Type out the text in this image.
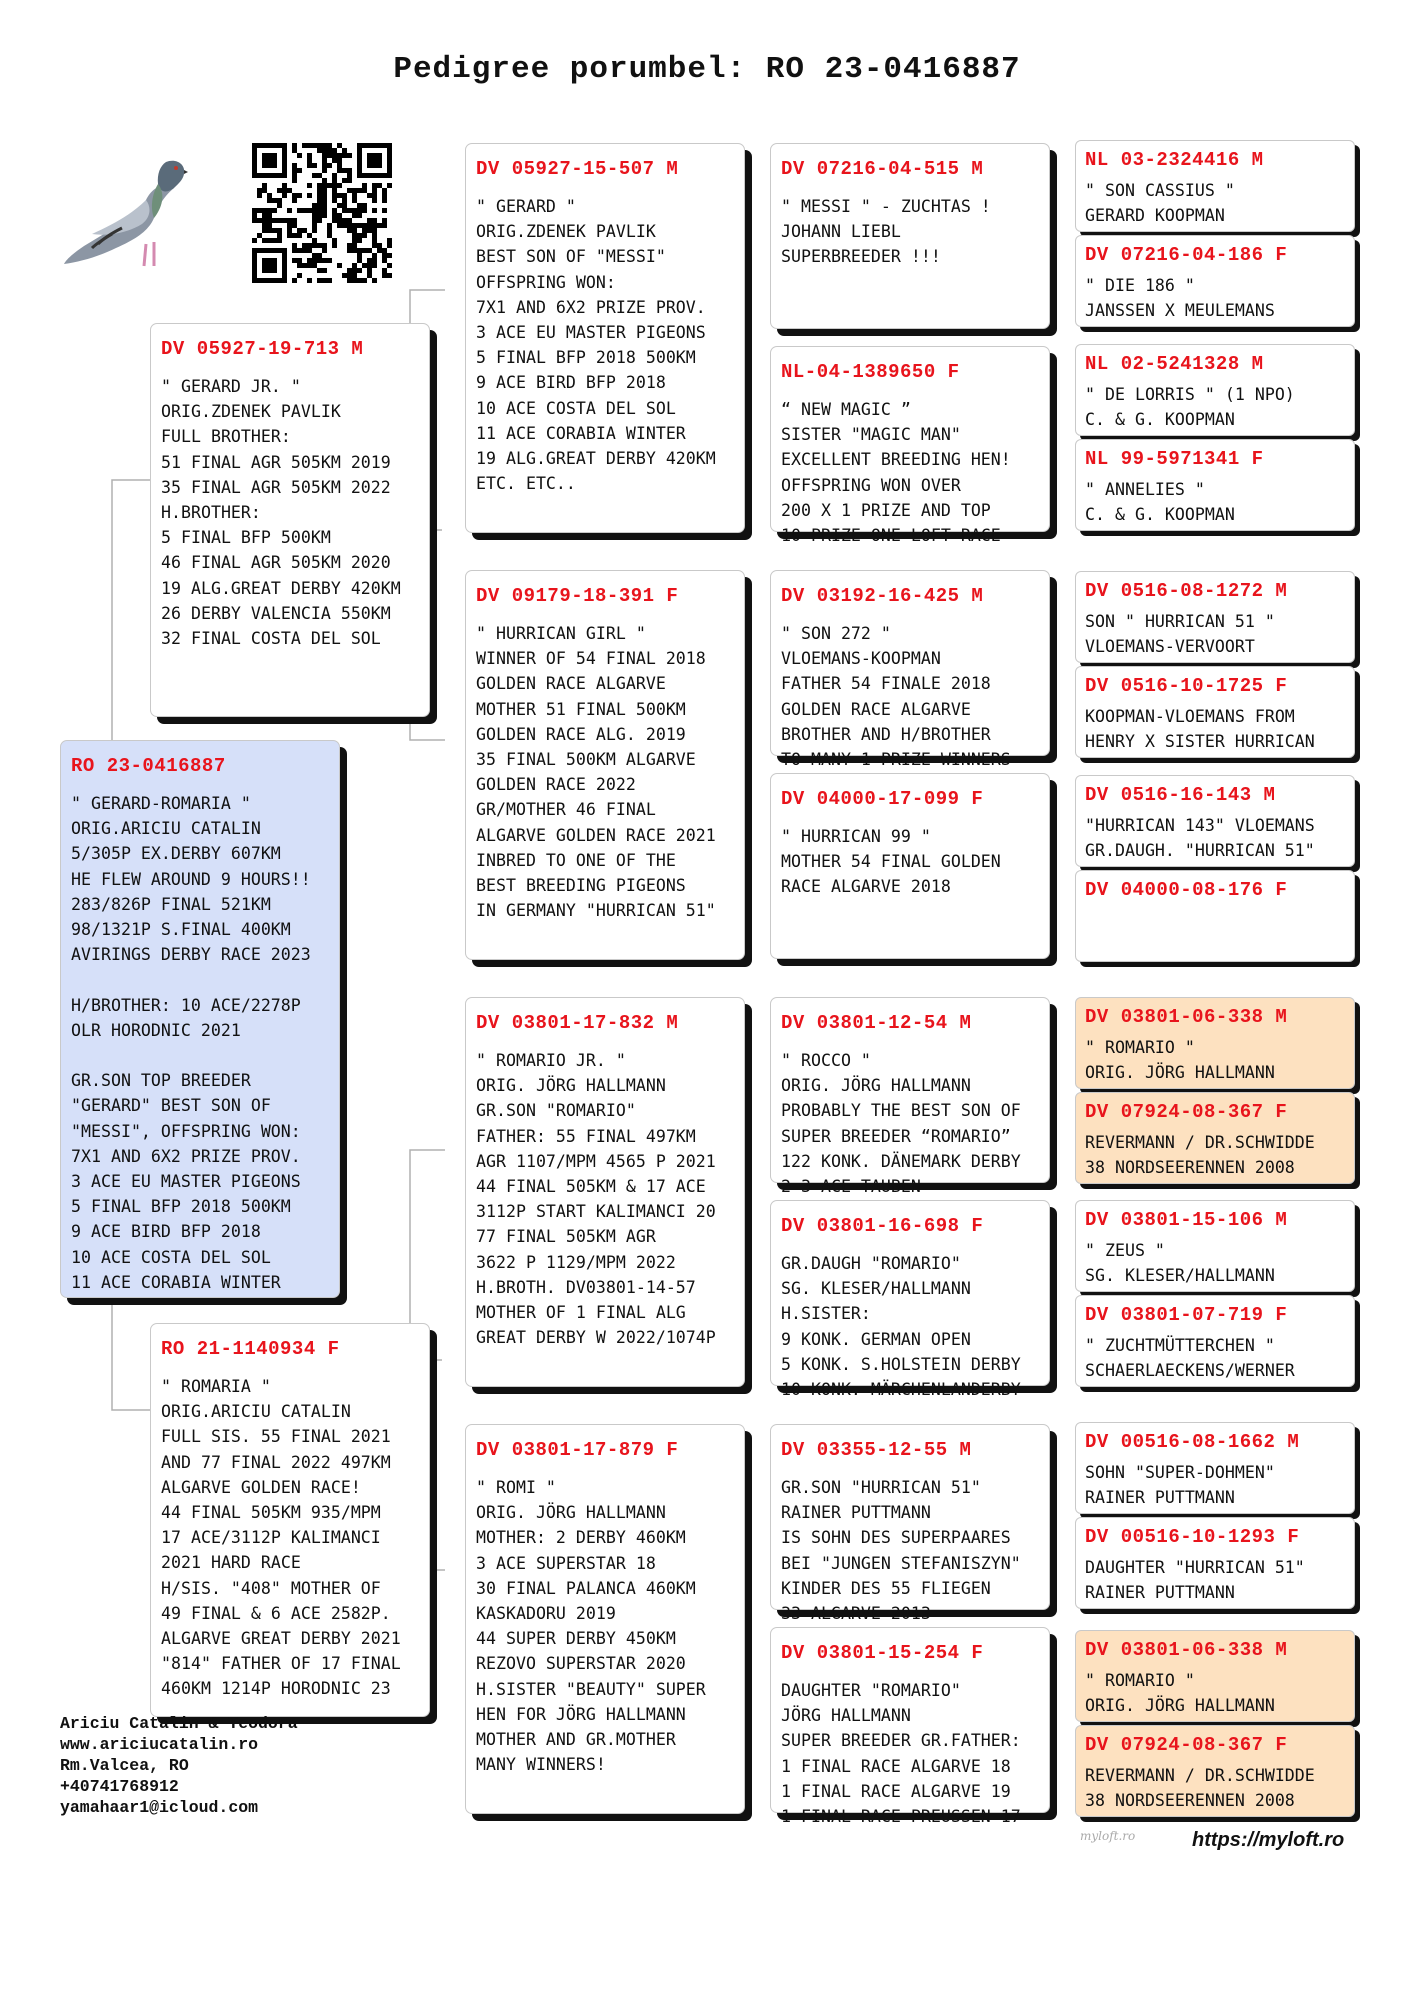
Pedigree porumbel: RO 23-0416887
RO 23-0416887
" GERARD-ROMARIA "
ORIG.ARICIU CATALIN
5/305P EX.DERBY 607KM
HE FLEW AROUND 9 HOURS!!
283/826P FINAL 521KM
98/1321P S.FINAL 400KM
AVIRINGS DERBY RACE 2023

H/BROTHER: 10 ACE/2278P
OLR HORODNIC 2021

GR.SON TOP BREEDER
"GERARD" BEST SON OF
"MESSI", OFFSPRING WON:
7X1 AND 6X2 PRIZE PROV.
3 ACE EU MASTER PIGEONS
5 FINAL BFP 2018 500KM
9 ACE BIRD BFP 2018
10 ACE COSTA DEL SOL
11 ACE CORABIA WINTER
DV 05927-19-713 M
" GERARD JR. "
ORIG.ZDENEK PAVLIK
FULL BROTHER:
51 FINAL AGR 505KM 2019
35 FINAL AGR 505KM 2022
H.BROTHER:
5 FINAL BFP 500KM
46 FINAL AGR 505KM 2020
19 ALG.GREAT DERBY 420KM
26 DERBY VALENCIA 550KM
32 FINAL COSTA DEL SOL
RO 21-1140934 F
" ROMARIA "
ORIG.ARICIU CATALIN
FULL SIS. 55 FINAL 2021
AND 77 FINAL 2022 497KM
ALGARVE GOLDEN RACE!
44 FINAL 505KM 935/MPM
17 ACE/3112P KALIMANCI
2021 HARD RACE
H/SIS. "408" MOTHER OF
49 FINAL & 6 ACE 2582P.
ALGARVE GREAT DERBY 2021
"814" FATHER OF 17 FINAL
460KM 1214P HORODNIC 23
DV 05927-15-507 M
" GERARD "
ORIG.ZDENEK PAVLIK
BEST SON OF "MESSI"
OFFSPRING WON:
7X1 AND 6X2 PRIZE PROV.
3 ACE EU MASTER PIGEONS
5 FINAL BFP 2018 500KM
9 ACE BIRD BFP 2018
10 ACE COSTA DEL SOL
11 ACE CORABIA WINTER
19 ALG.GREAT DERBY 420KM
ETC. ETC..
DV 09179-18-391 F
" HURRICAN GIRL "
WINNER OF 54 FINAL 2018
GOLDEN RACE ALGARVE
MOTHER 51 FINAL 500KM
GOLDEN RACE ALG. 2019
35 FINAL 500KM ALGARVE
GOLDEN RACE 2022
GR/MOTHER 46 FINAL
ALGARVE GOLDEN RACE 2021
INBRED TO ONE OF THE
BEST BREEDING PIGEONS
IN GERMANY "HURRICAN 51"
DV 03801-17-832 M
" ROMARIO JR. "
ORIG. JÖRG HALLMANN
GR.SON "ROMARIO"
FATHER: 55 FINAL 497KM
AGR 1107/MPM 4565 P 2021
44 FINAL 505KM & 17 ACE
3112P START KALIMANCI 20
77 FINAL 505KM AGR
3622 P 1129/MPM 2022
H.BROTH. DV03801-14-57
MOTHER OF 1 FINAL ALG
GREAT DERBY W 2022/1074P
DV 03801-17-879 F
" ROMI "
ORIG. JÖRG HALLMANN
MOTHER: 2 DERBY 460KM
3 ACE SUPERSTAR 18
30 FINAL PALANCA 460KM
KASKADORU 2019
44 SUPER DERBY 450KM
REZOVO SUPERSTAR 2020
H.SISTER "BEAUTY" SUPER
HEN FOR JÖRG HALLMANN
MOTHER AND GR.MOTHER
MANY WINNERS!
DV 07216-04-515 M
" MESSI " - ZUCHTAS !
JOHANN LIEBL
SUPERBREEDER !!!
NL-04-1389650 F
“ NEW MAGIC ”
SISTER "MAGIC MAN"
EXCELLENT BREEDING HEN!
OFFSPRING WON OVER
200 X 1 PRIZE AND TOP
10 PRIZE ONE LOFT RACE
DV 03192-16-425 M
" SON 272 "
VLOEMANS-KOOPMAN
FATHER 54 FINALE 2018
GOLDEN RACE ALGARVE
BROTHER AND H/BROTHER
TO MANY 1 PRIZE WINNERS
DV 04000-17-099 F
" HURRICAN 99 "
MOTHER 54 FINAL GOLDEN
RACE ALGARVE 2018
DV 03801-12-54 M
" ROCCO "
ORIG. JÖRG HALLMANN
PROBABLY THE BEST SON OF
SUPER BREEDER “ROMARIO”
122 KONK. DÄNEMARK DERBY
2 3 ACE TAUBEN
DV 03801-16-698 F
GR.DAUGH "ROMARIO"
SG. KLESER/HALLMANN
H.SISTER:
9 KONK. GERMAN OPEN
5 KONK. S.HOLSTEIN DERBY
10 KONK. MÄRCHENLANDERBY
DV 03355-12-55 M
GR.SON "HURRICAN 51"
RAINER PUTTMANN
IS SOHN DES SUPERPAARES
BEI "JUNGEN STEFANISZYN"
KINDER DES 55 FLIEGEN
33 ALGARVE 2013
DV 03801-15-254 F
DAUGHTER "ROMARIO"
JÖRG HALLMANN
SUPER BREEDER GR.FATHER:
1 FINAL RACE ALGARVE 18
1 FINAL RACE ALGARVE 19
1 FINAL RACE PREUSSEN 17
NL 03-2324416 M
" SON CASSIUS "
GERARD KOOPMAN
DV 07216-04-186 F
" DIE 186 "
JANSSEN X MEULEMANS
NL 02-5241328 M
" DE LORRIS " (1 NPO)
C. & G. KOOPMAN
NL 99-5971341 F
" ANNELIES "
C. & G. KOOPMAN
DV 0516-08-1272 M
SON " HURRICAN 51 "
VLOEMANS-VERVOORT
DV 0516-10-1725 F
KOOPMAN-VLOEMANS FROM
HENRY X SISTER HURRICAN
DV 0516-16-143 M
"HURRICAN 143" VLOEMANS
GR.DAUGH. "HURRICAN 51"
DV 04000-08-176 F
DV 03801-06-338 M
" ROMARIO "
ORIG. JÖRG HALLMANN
DV 07924-08-367 F
REVERMANN / DR.SCHWIDDE
38 NORDSEERENNEN 2008
DV 03801-15-106 M
" ZEUS "
SG. KLESER/HALLMANN
DV 03801-07-719 F
" ZUCHTMÜTTERCHEN "
SCHAERLAECKENS/WERNER
DV 00516-08-1662 M
SOHN "SUPER-DOHMEN"
RAINER PUTTMANN
DV 00516-10-1293 F
DAUGHTER "HURRICAN 51"
RAINER PUTTMANN
DV 03801-06-338 M
" ROMARIO "
ORIG. JÖRG HALLMANN
DV 07924-08-367 F
REVERMANN / DR.SCHWIDDE
38 NORDSEERENNEN 2008
Ariciu Catalin & Teodora
www.ariciucatalin.ro
Rm.Valcea, RO
+40741768912
yamahaar1@icloud.com
myloft.ro	https://myloft.ro
